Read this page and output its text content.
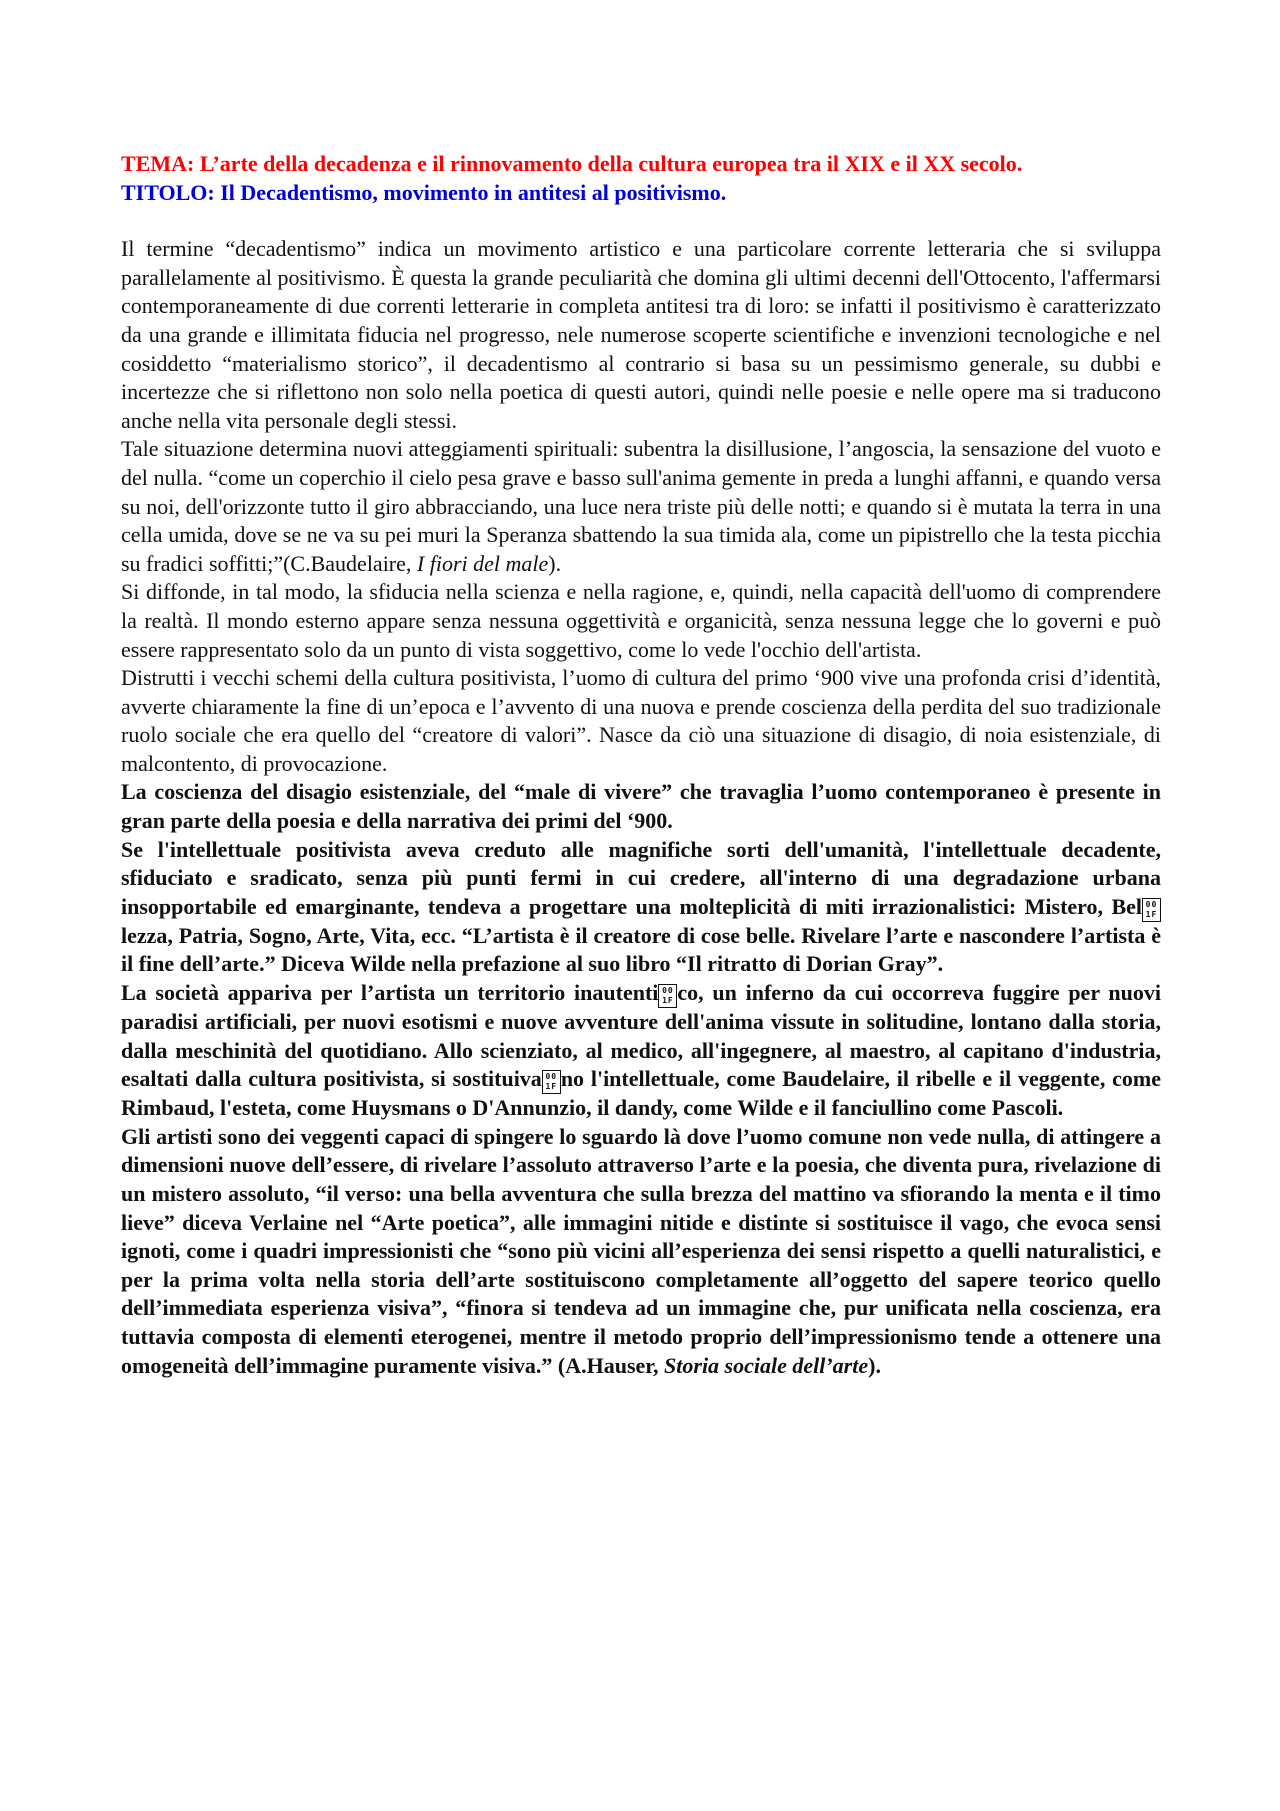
TEMA: L’arte della decadenza e il rinnovamento della cultura europea tra il XIX e il XX secolo.
TITOLO: Il Decadentismo, movimento in antitesi al positivismo.

Il termine “decadentismo” indica un movimento artistico e una particolare corrente letteraria che si sviluppa parallelamente al positivismo. È questa la grande peculiarità che domina gli ultimi decenni dell'Ottocento, l'affermarsi contemporaneamente di due correnti letterarie in completa antitesi tra di loro: se infatti il positivismo è caratterizzato da una grande e illimitata fiducia nel progresso, nele numerose scoperte scientifiche e invenzioni tecnologiche e nel cosiddetto “materialismo storico”, il decadentismo al contrario si basa su un pessimismo generale, su dubbi e incertezze che si riflettono non solo nella poetica di questi autori, quindi nelle poesie e nelle opere ma si traducono anche nella vita personale degli stessi.

Tale situazione determina nuovi atteggiamenti spirituali: subentra la disillusione, l’angoscia, la sensazione del vuoto e del nulla. “come un coperchio il cielo pesa grave e basso sull'anima gemente in preda a lunghi affanni, e quando versa su noi, dell'orizzonte tutto il giro abbracciando, una luce nera triste più delle notti; e quando si è mutata la terra in una cella umida, dove se ne va su pei muri la Speranza sbattendo la sua timida ala, come un pipistrello che la testa picchia su fradici soffitti;”(C.Baudelaire, I fiori del male).

Si diffonde, in tal modo, la sfiducia nella scienza e nella ragione, e, quindi, nella capacità dell'uomo di comprendere la realtà. Il mondo esterno appare senza nessuna oggettività e organicità, senza nessuna legge che lo governi e può essere rappresentato solo da un punto di vista soggettivo, come lo vede l'occhio dell'artista.

Distrutti i vecchi schemi della cultura positivista, l’uomo di cultura del primo ‘900 vive una profonda crisi d’identità, avverte chiaramente la fine di un’epoca e l’avvento di una nuova e prende coscienza della perdita del suo tradizionale ruolo sociale che era quello del “creatore di valori”. Nasce da ciò una situazione di disagio, di noia esistenziale, di malcontento, di provocazione.

La coscienza del disagio esistenziale, del “male di vivere” che travaglia l’uomo contemporaneo è presente in gran parte della poesia e della narrativa dei primi del ‘900.

Se l'intellettuale positivista aveva creduto alle magnifiche sorti dell'umanità, l'intellettuale decadente, sfiduciato e sradicato, senza più punti fermi in cui credere, all'interno di una degradazione urbana insopportabile ed emarginante, tendeva a progettare una molteplicità di miti irrazionalistici: Mistero, Bel 00 1Flezza, Patria, Sogno, Arte, Vita, ecc. “L’artista è il creatore di cose belle. Rivelare l’arte e nascondere l’artista è il fine dell’arte.” Diceva Wilde nella prefazione al suo libro “Il ritratto di Dorian Gray”.

La società appariva per l’artista un territorio inautenti 00 1F co, un inferno da cui occorreva fuggire per nuovi paradisi artificiali, per nuovi esotismi e nuove avventure dell'anima vissute in solitudine, lontano dalla storia, dalla meschinità del quotidiano. Allo scienziato, al medico, all'ingegnere, al maestro, al capitano d'industria, esaltati dalla cultura positivista, si sostituiva 00 1F no l'intellettuale, come Baudelaire, il ribelle e il veggente, come Rimbaud, l'esteta, come Huysmans o D'Annunzio, il dandy, come Wilde e il fanciullino come Pascoli.

Gli artisti sono dei veggenti capaci di spingere lo sguardo là dove l’uomo comune non vede nulla, di attingere a dimensioni nuove dell’essere, di rivelare l’assoluto attraverso l’arte e la poesia, che diventa pura, rivelazione di un mistero assoluto, “il verso: una bella avventura che sulla brezza del mattino va sfiorando la menta e il timo lieve” diceva Verlaine nel “Arte poetica”, alle immagini nitide e distinte si sostituisce il vago, che evoca sensi ignoti, come i quadri impressionisti che “sono più vicini all’esperienza dei sensi rispetto a quelli naturalistici, e per la prima volta nella storia dell’arte sostituiscono completamente all’oggetto del sapere teorico quello dell’immediata esperienza visiva”, “finora si tendeva ad un immagine che, pur unificata nella coscienza, era tuttavia composta di elementi eterogenei, mentre il metodo proprio dell’impressionismo tende a ottenere una omogeneità dell’immagine puramente visiva.” (A.Hauser, Storia sociale dell’arte).
